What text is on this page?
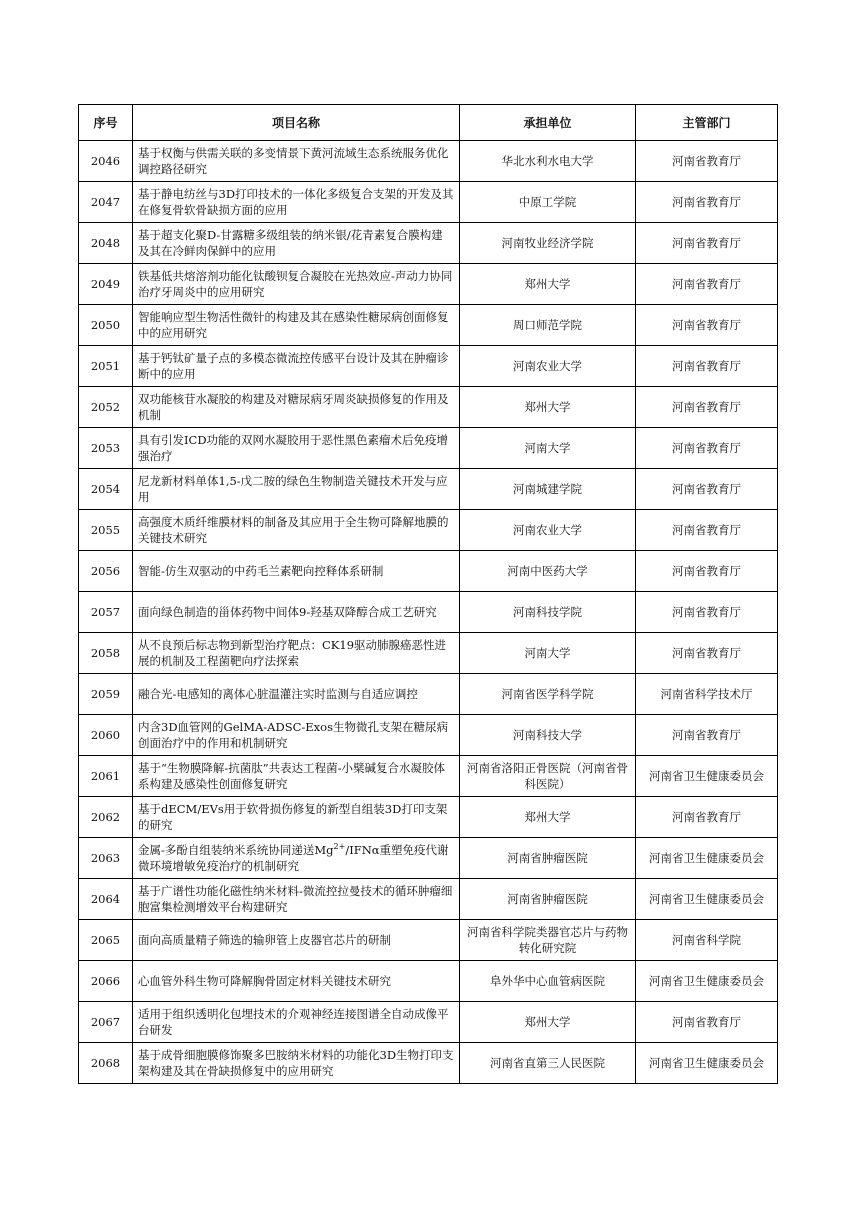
序号	项目名称	承担单位	主管部门
2046	基于权衡与供需关联的多变情景下黄河流域生态系统服务优化调控路径研究	华北水利水电大学	河南省教育厅
2047	基于静电纺丝与3D打印技术的一体化多级复合支架的开发及其在修复骨软骨缺损方面的应用	中原工学院	河南省教育厅
2048	基于超支化聚D-甘露糖多级组装的纳米银/花青素复合膜构建及其在冷鲜肉保鲜中的应用	河南牧业经济学院	河南省教育厅
2049	铁基低共熔溶剂功能化钛酸钡复合凝胶在光热效应-声动力协同治疗牙周炎中的应用研究	郑州大学	河南省教育厅
2050	智能响应型生物活性微针的构建及其在感染性糖尿病创面修复中的应用研究	周口师范学院	河南省教育厅
2051	基于钙钛矿量子点的多模态微流控传感平台设计及其在肿瘤诊断中的应用	河南农业大学	河南省教育厅
2052	双功能核苷水凝胶的构建及对糖尿病牙周炎缺损修复的作用及机制	郑州大学	河南省教育厅
2053	具有引发ICD功能的双网水凝胶用于恶性黑色素瘤术后免疫增强治疗	河南大学	河南省教育厅
2054	尼龙新材料单体1,5-戊二胺的绿色生物制造关键技术开发与应用	河南城建学院	河南省教育厅
2055	高强度木质纤维膜材料的制备及其应用于全生物可降解地膜的关键技术研究	河南农业大学	河南省教育厅
2056	智能-仿生双驱动的中药毛兰素靶向控释体系研制	河南中医药大学	河南省教育厅
2057	面向绿色制造的甾体药物中间体9-羟基双降醇合成工艺研究	河南科技学院	河南省教育厅
2058	从不良预后标志物到新型治疗靶点：CK19驱动肺腺癌恶性进展的机制及工程菌靶向疗法探索	河南大学	河南省教育厅
2059	融合光-电感知的离体心脏温灌注实时监测与自适应调控	河南省医学科学院	河南省科学技术厅
2060	内含3D血管网的GelMA-ADSC-Exos生物微孔支架在糖尿病创面治疗中的作用和机制研究	河南科技大学	河南省教育厅
2061	基于“生物膜降解-抗菌肽”共表达工程菌-小檗碱复合水凝胶体系构建及感染性创面修复研究	河南省洛阳正骨医院（河南省骨科医院）	河南省卫生健康委员会
2062	基于dECM/EVs用于软骨损伤修复的新型自组装3D打印支架的研究	郑州大学	河南省教育厅
2063	金属-多酚自组装纳米系统协同递送$Mg^{2+}$/IFNα重塑免疫代谢微环境增敏免疫治疗的机制研究	河南省肿瘤医院	河南省卫生健康委员会
2064	基于广谱性功能化磁性纳米材料-微流控拉曼技术的循环肿瘤细胞富集检测增效平台构建研究	河南省肿瘤医院	河南省卫生健康委员会
2065	面向高质量精子筛选的输卵管上皮器官芯片的研制	河南省科学院类器官芯片与药物转化研究院	河南省科学院
2066	心血管外科生物可降解胸骨固定材料关键技术研究	阜外华中心血管病医院	河南省卫生健康委员会
2067	适用于组织透明化包埋技术的介观神经连接图谱全自动成像平台研发	郑州大学	河南省教育厅
2068	基于成骨细胞膜修饰聚多巴胺纳米材料的功能化3D生物打印支架构建及其在骨缺损修复中的应用研究	河南省直第三人民医院	河南省卫生健康委员会
